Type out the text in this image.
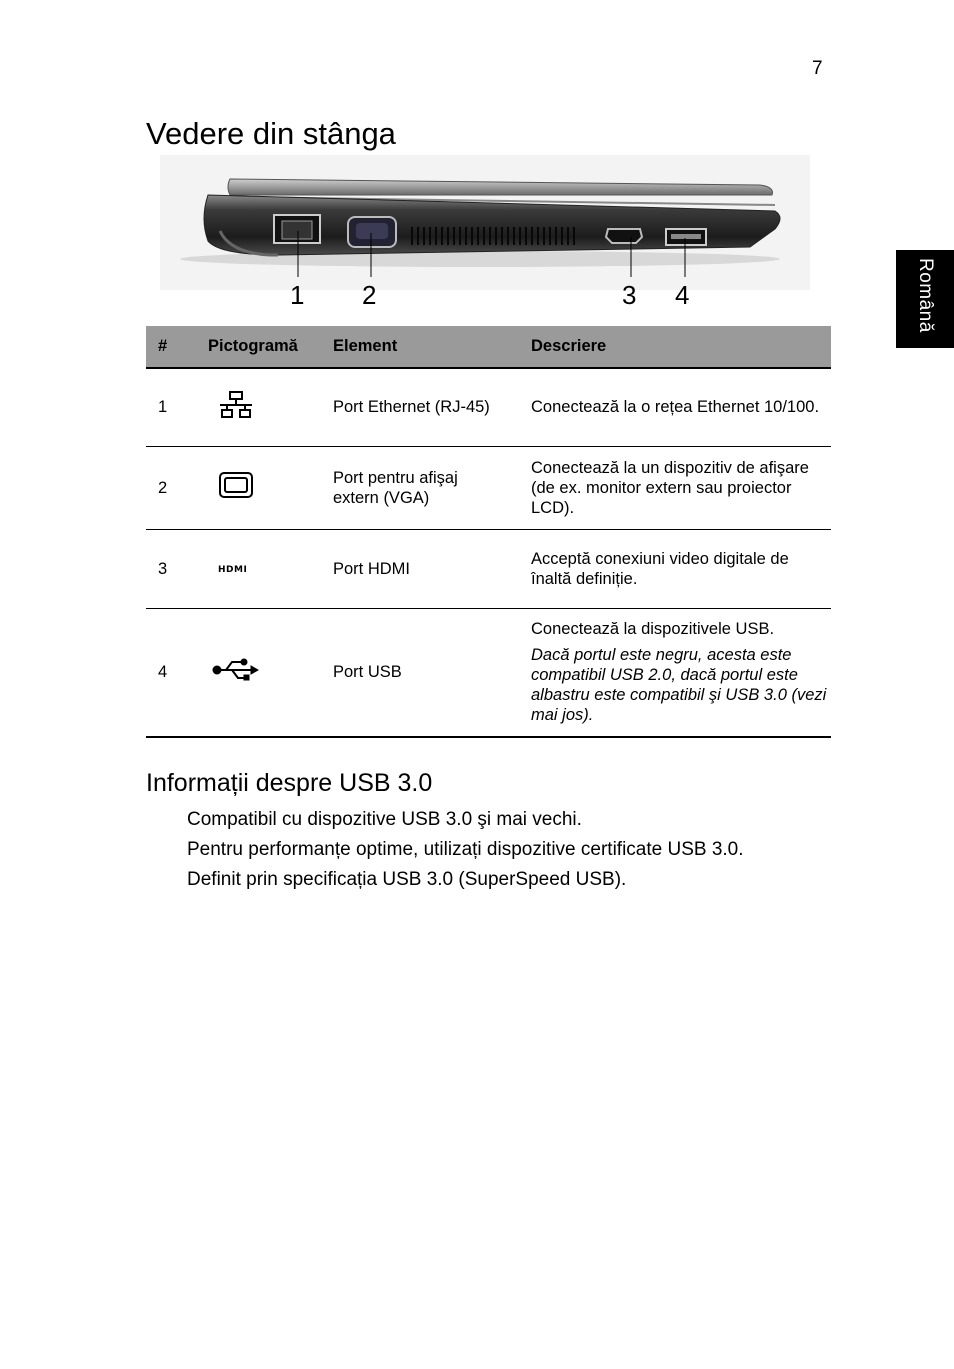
7
Română
Vedere din stânga
1 2	3 4
#	Pictogramă	Element	Descriere
1		Port Ethernet (RJ-45)	Conectează la o rețea Ethernet 10/100.

2		Port pentru afişaj extern (VGA)	Conectează la un dispozitiv de afişare (de ex. monitor extern sau proiector LCD).

3	HDMI	Port HDMI	Acceptă conexiuni video digitale de înaltă definiție.

4		Port USB	Conectează la dispozitivele USB.
Dacă portul este negru, acesta este compatibil USB 2.0, dacă portul este albastru este compatibil şi USB 3.0 (vezi mai jos).
Informații despre USB 3.0
Compatibil cu dispozitive USB 3.0 şi mai vechi.
Pentru performanțe optime, utilizați dispozitive certificate USB 3.0.
Definit prin specificația USB 3.0 (SuperSpeed USB).
